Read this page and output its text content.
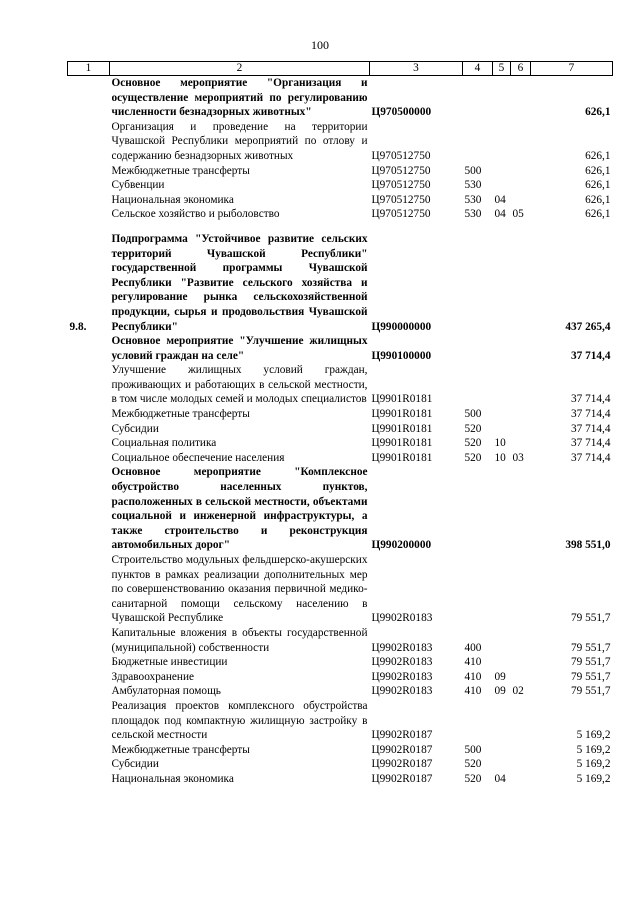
100
1	2	3	4	5	6	7
	Основное мероприятие "Организация и осуществление мероприятий по регулированию численности безнадзорных животных"	Ц970500000				626,1
	Организация и проведение на территории Чувашской Республики мероприятий по отлову и содержанию безнадзорных животных	Ц970512750				626,1
	Межбюджетные трансферты	Ц970512750	500			626,1
	Субвенции	Ц970512750	530			626,1
	Национальная экономика	Ц970512750	530	04		626,1
	Сельское хозяйство и рыболовство	Ц970512750	530	04	05	626,1

9.8.	Подпрограмма "Устойчивое развитие сельских территорий Чувашской Республики" государственной программы Чувашской Республики "Развитие сельского хозяйства и регулирование рынка сельскохозяйственной продукции, сырья и продовольствия Чувашской Республики"	Ц990000000				437 265,4
	Основное мероприятие "Улучшение жилищных условий граждан на селе"	Ц990100000				37 714,4
	Улучшение жилищных условий граждан, проживающих и работающих в сельской местности, в том числе молодых семей и молодых специалистов	Ц9901R0181				37 714,4
	Межбюджетные трансферты	Ц9901R0181	500			37 714,4
	Субсидии	Ц9901R0181	520			37 714,4
	Социальная политика	Ц9901R0181	520	10		37 714,4
	Социальное обеспечение населения	Ц9901R0181	520	10	03	37 714,4
	Основное мероприятие "Комплексное обустройство населенных пунктов, расположенных в сельской местности, объектами социальной и инженерной инфраструктуры, а также строительство и реконструкция автомобильных дорог"	Ц990200000				398 551,0
	Строительство модульных фельдшерско-акушерских пунктов в рамках реализации дополнительных мер по совершенствованию оказания первичной медико-санитарной помощи сельскому населению в Чувашской Республике	Ц9902R0183				79 551,7
	Капитальные вложения в объекты государственной (муниципальной) собственности	Ц9902R0183	400			79 551,7
	Бюджетные инвестиции	Ц9902R0183	410			79 551,7
	Здравоохранение	Ц9902R0183	410	09		79 551,7
	Амбулаторная помощь	Ц9902R0183	410	09	02	79 551,7
	Реализация проектов комплексного обустройства площадок под компактную жилищную застройку в сельской местности	Ц9902R0187				5 169,2
	Межбюджетные трансферты	Ц9902R0187	500			5 169,2
	Субсидии	Ц9902R0187	520			5 169,2
	Национальная экономика	Ц9902R0187	520	04		5 169,2
